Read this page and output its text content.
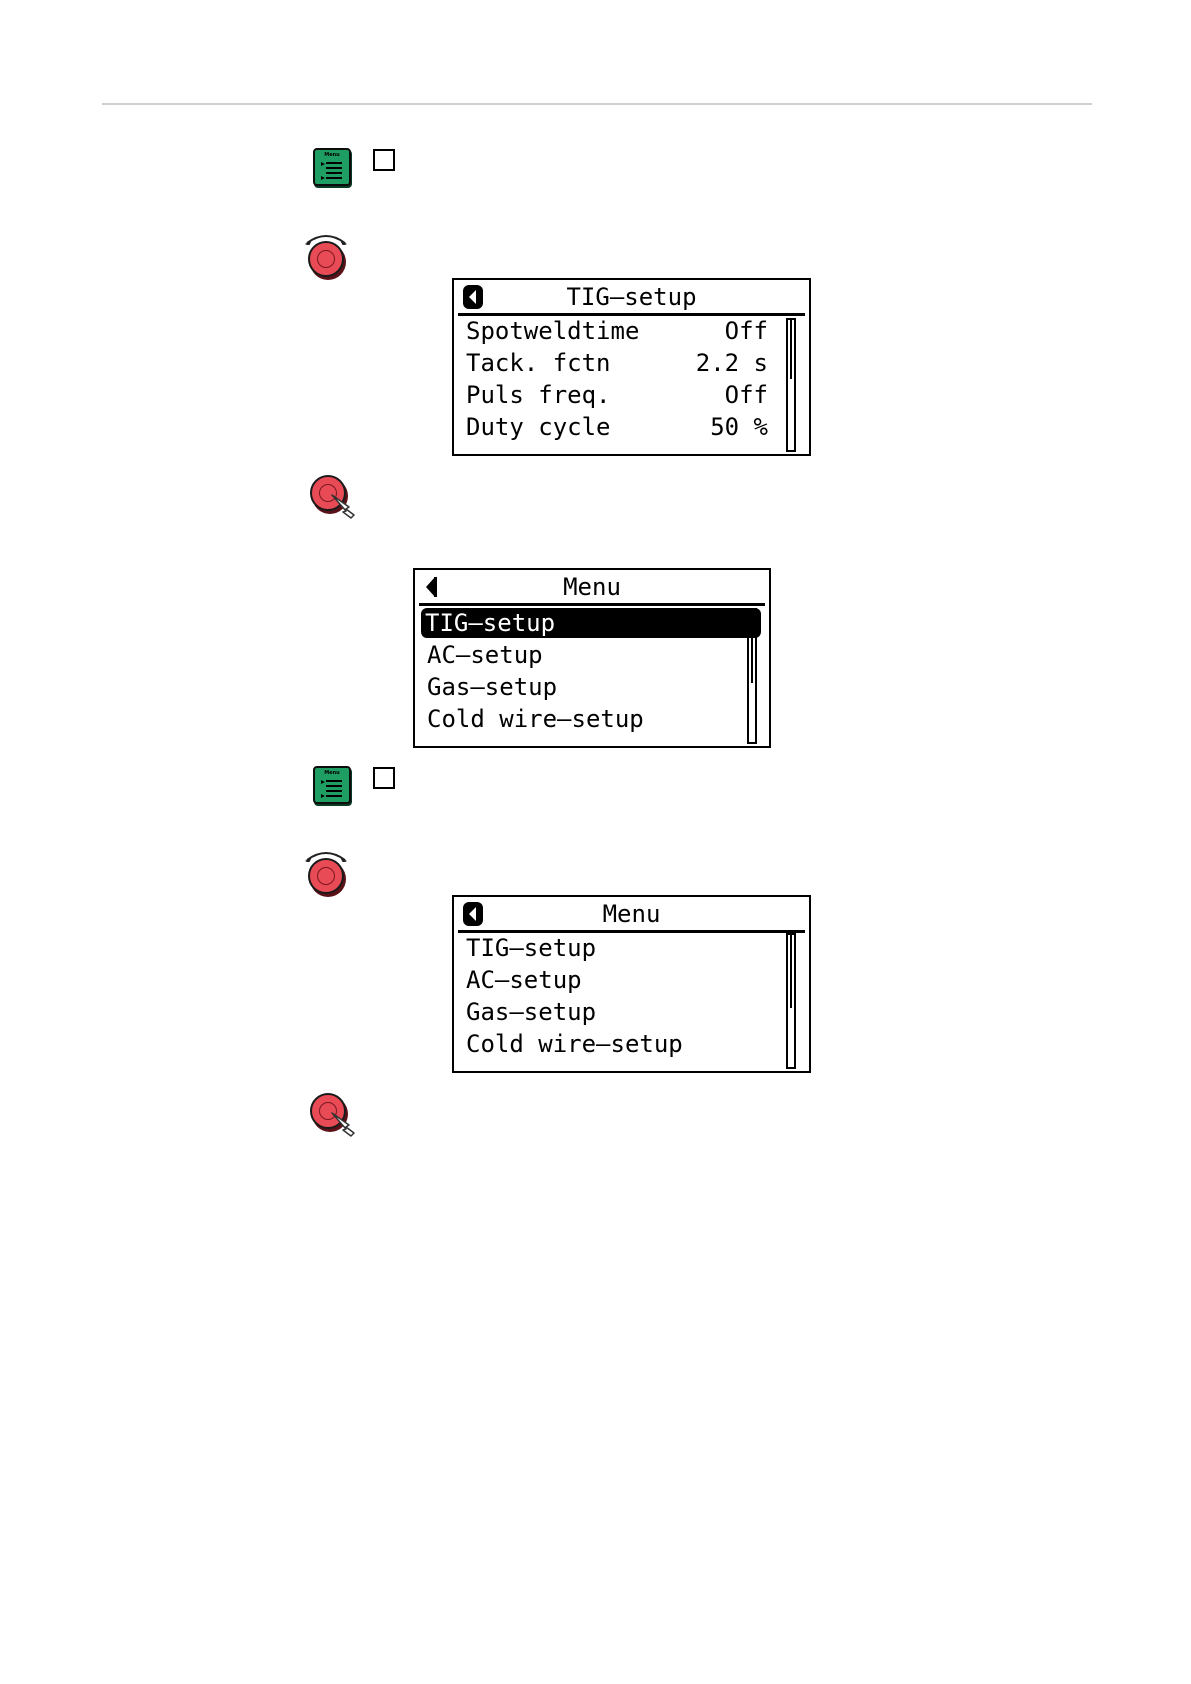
Menu
TIG–setup
Spotweldtime	Off
Tack. fctn	2.2 s
Puls freq.	Off
Duty cycle	50 %
Menu
TIG–setup
AC–setup
Gas–setup
Cold wire–setup
Menu
Menu
TIG–setup
AC–setup
Gas–setup
Cold wire–setup
